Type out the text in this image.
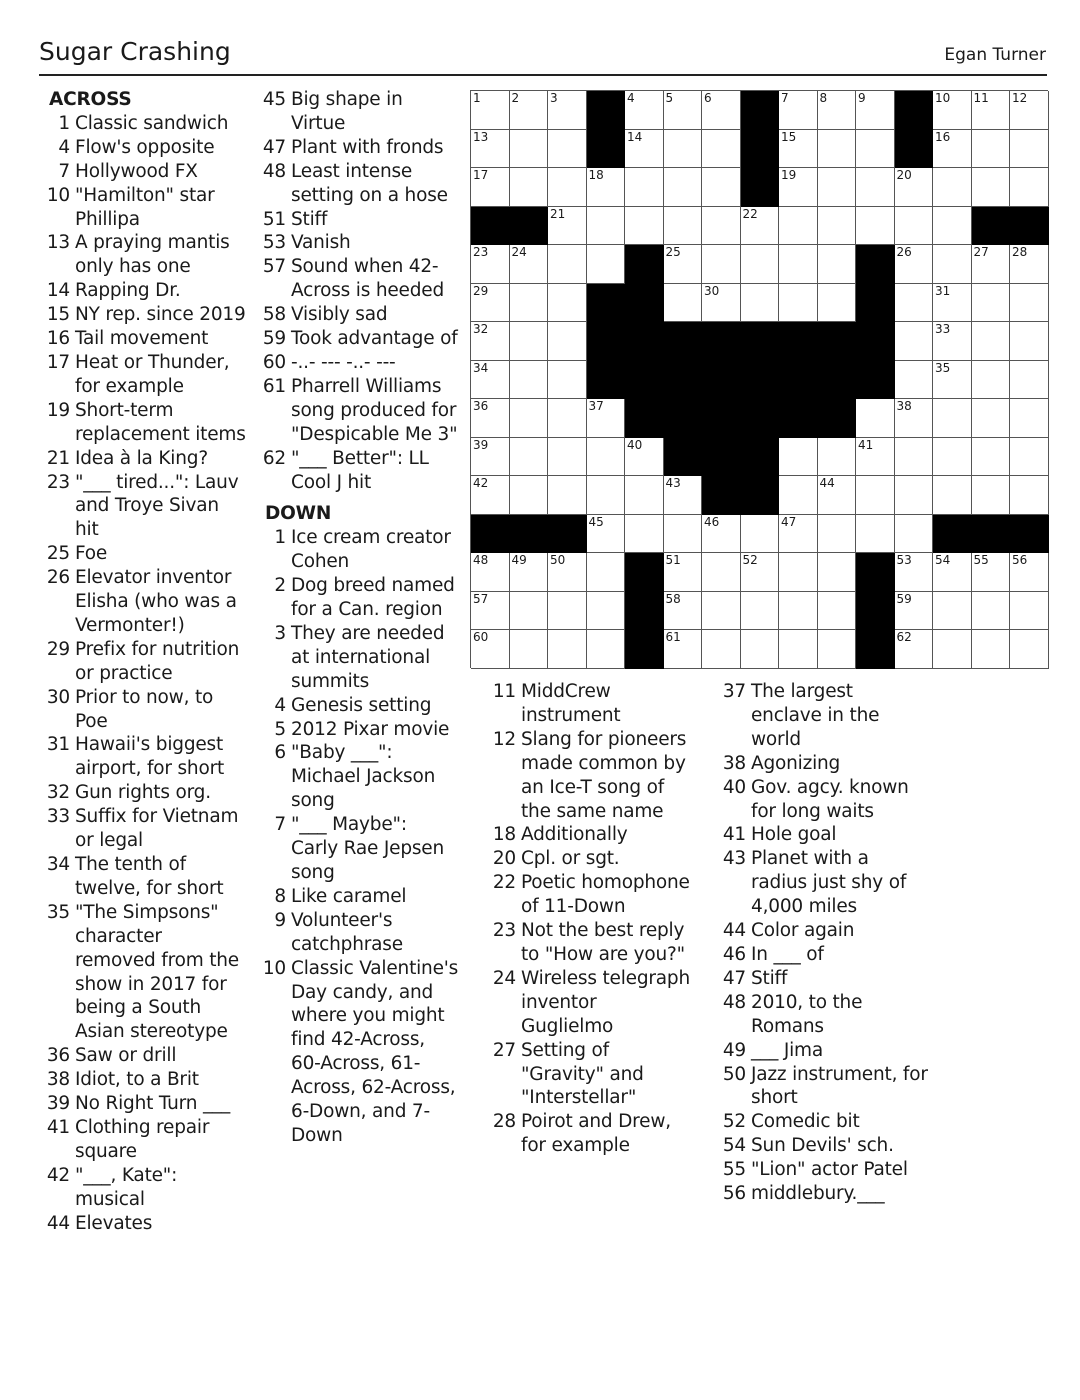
Sugar Crashing	Egan Turner
ACROSS
1 Classic sandwich
4 Flow's opposite
7 Hollywood FX
10 "Hamilton" star Phillipa
13 A praying mantis only has one
14 Rapping Dr.
15 NY rep. since 2019
16 Tail movement
17 Heat or Thunder, for example
19 Short-term replacement items
21 Idea à la King?
23 "___ tired...": Lauv and Troye Sivan hit
25 Foe
26 Elevator inventor Elisha (who was a Vermonter!)
29 Prefix for nutrition or practice
30 Prior to now, to Poe
31 Hawaii's biggest airport, for short
32 Gun rights org.
33 Suffix for Vietnam or legal
34 The tenth of twelve, for short
35 "The Simpsons" character removed from the show in 2017 for being a South Asian stereotype
36 Saw or drill
38 Idiot, to a Brit
39 No Right Turn ___
41 Clothing repair square
42 "___, Kate": musical
44 Elevates
45 Big shape in Virtue
47 Plant with fronds
48 Least intense setting on a hose
51 Stiff
53 Vanish
57 Sound when 42-Across is heeded
58 Visibly sad
59 Took advantage of
60 -..- --- -..- ---
61 Pharrell Williams song produced for "Despicable Me 3"
62 "___ Better": LL Cool J hit
DOWN
1 Ice cream creator Cohen
2 Dog breed named for a Can. region
3 They are needed at international summits
4 Genesis setting
5 2012 Pixar movie
6 "Baby ___": Michael Jackson song
7 "___ Maybe": Carly Rae Jepsen song
8 Like caramel
9 Volunteer's catchphrase
10 Classic Valentine's Day candy, and where you might find 42-Across, 60-Across, 61-Across, 62-Across, 6-Down, and 7-Down
11 MiddCrew instrument
12 Slang for pioneers made common by an Ice-T song of the same name
18 Additionally
20 Cpl. or sgt.
22 Poetic homophone of 11-Down
23 Not the best reply to "How are you?"
24 Wireless telegraph inventor Guglielmo
27 Setting of "Gravity" and "Interstellar"
28 Poirot and Drew, for example
37 The largest enclave in the world
38 Agonizing
40 Gov. agcy. known for long waits
41 Hole goal
43 Planet with a radius just shy of 4,000 miles
44 Color again
46 In ___ of
47 Stiff
48 2010, to the Romans
49 ___ Jima
50 Jazz instrument, for short
52 Comedic bit
54 Sun Devils' sch.
55 "Lion" actor Patel
56 middlebury.___
1	2	3	4	5	6	7	8	9	10 11 12
13	14	15	16
17	18	19	20
21	22
23 24	25	26	27 28
29	30	31
32	33
34	35
36	37	38
39	40	41
42	43	44
45	46	47
48 49 50	51	52	53 54 55 56
57	58	59
60	61	62
